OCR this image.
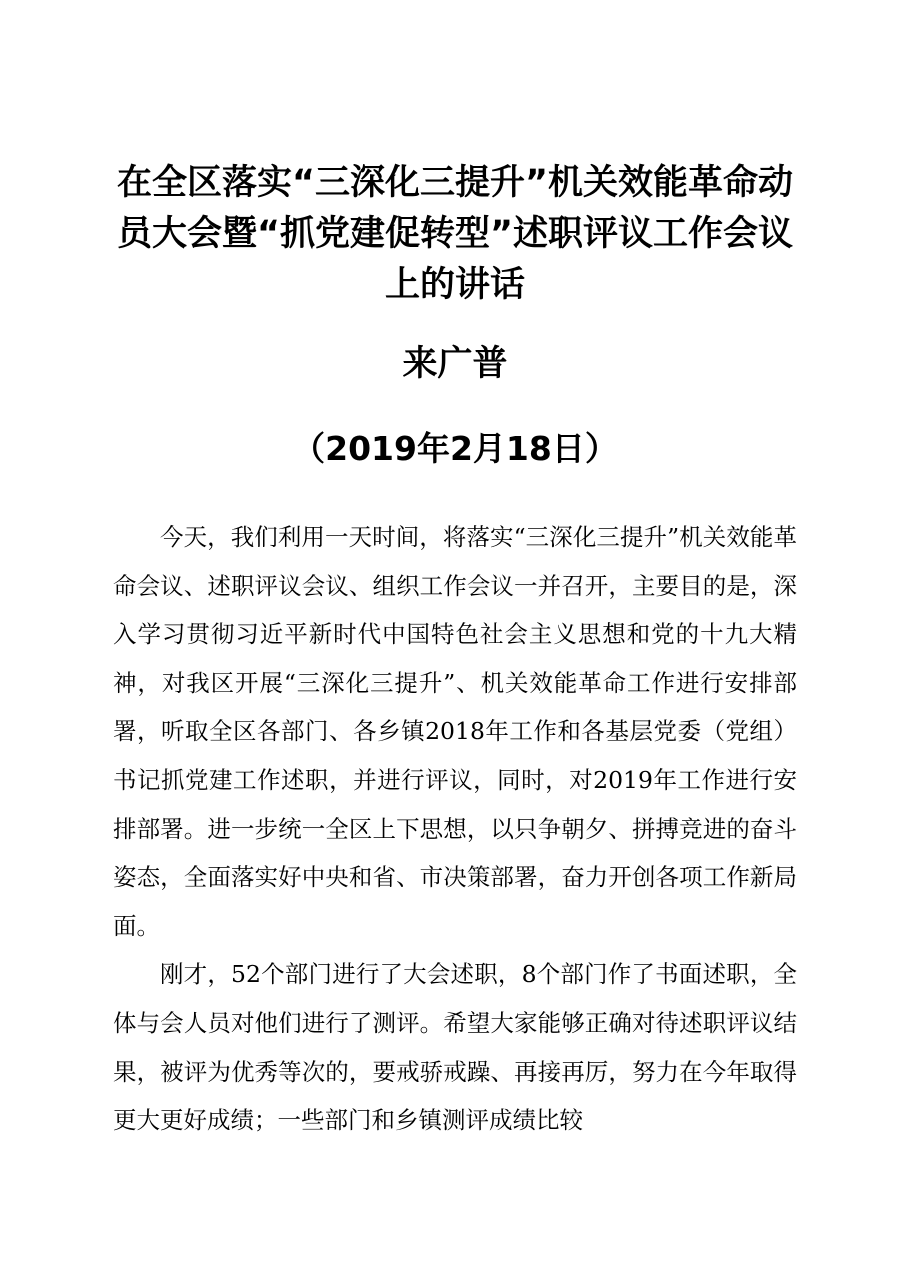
在全区落实“三深化三提升”机关效能革命动员大会暨“抓党建促转型”述职评议工作会议上的讲话
来广普
（2019年2月18日）

今天，我们利用一天时间，将落实“三深化三提升”机关效能革命会议、述职评议会议、组织工作会议一并召开，主要目的是，深入学习贯彻习近平新时代中国特色社会主义思想和党的十九大精神，对我区开展“三深化三提升”、机关效能革命工作进行安排部署，听取全区各部门、各乡镇2018年工作和各基层党委（党组）书记抓党建工作述职，并进行评议，同时，对2019年工作进行安排部署。进一步统一全区上下思想，以只争朝夕、拼搏竞进的奋斗姿态，全面落实好中央和省、市决策部署，奋力开创各项工作新局面。

刚才，52个部门进行了大会述职，8个部门作了书面述职，全体与会人员对他们进行了测评。希望大家能够正确对待述职评议结果，被评为优秀等次的，要戒骄戒躁、再接再厉，努力在今年取得更大更好成绩；一些部门和乡镇测评成绩比较
